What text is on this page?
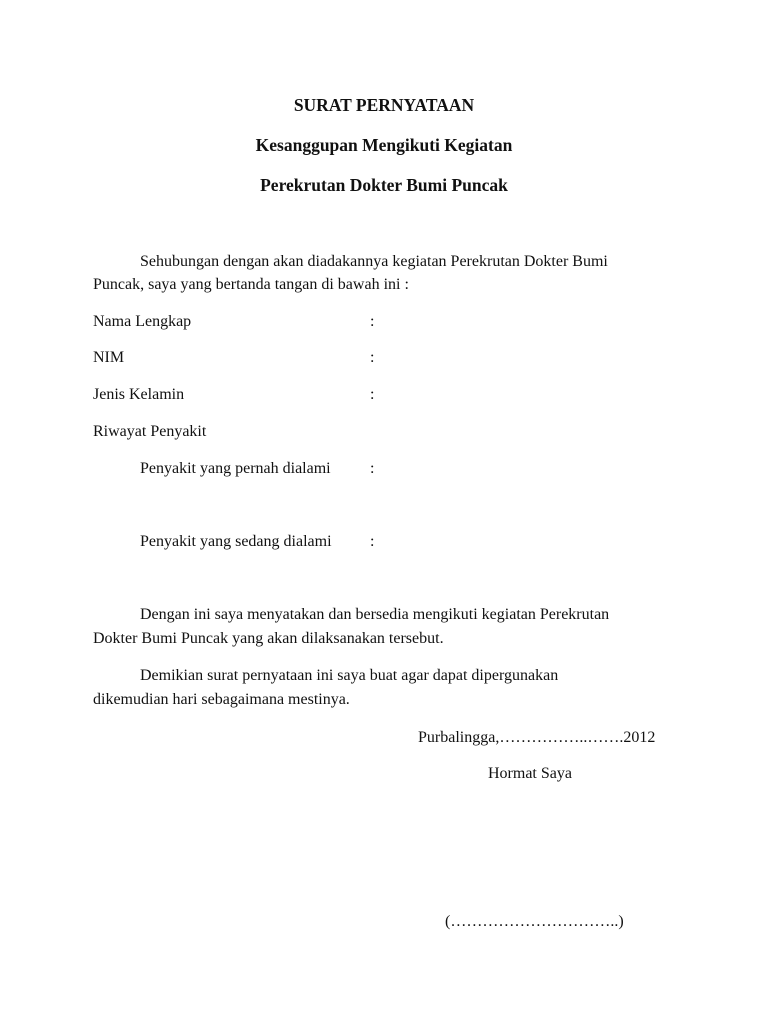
SURAT PERNYATAAN
Kesanggupan Mengikuti Kegiatan
Perekrutan Dokter Bumi Puncak
Sehubungan dengan akan diadakannya kegiatan Perekrutan Dokter Bumi
Puncak, saya yang bertanda tangan di bawah ini :
Nama Lengkap	:
NIM	:
Jenis Kelamin	:
Riwayat Penyakit
Penyakit yang pernah dialami :
Penyakit yang sedang dialami :
Dengan ini saya menyatakan dan bersedia mengikuti kegiatan Perekrutan
Dokter Bumi Puncak yang akan dilaksanakan tersebut.
Demikian surat pernyataan ini saya buat agar dapat dipergunakan
dikemudian hari sebagaimana mestinya.
Purbalingga,……………..…….2012
Hormat Saya
(…………………………..)
